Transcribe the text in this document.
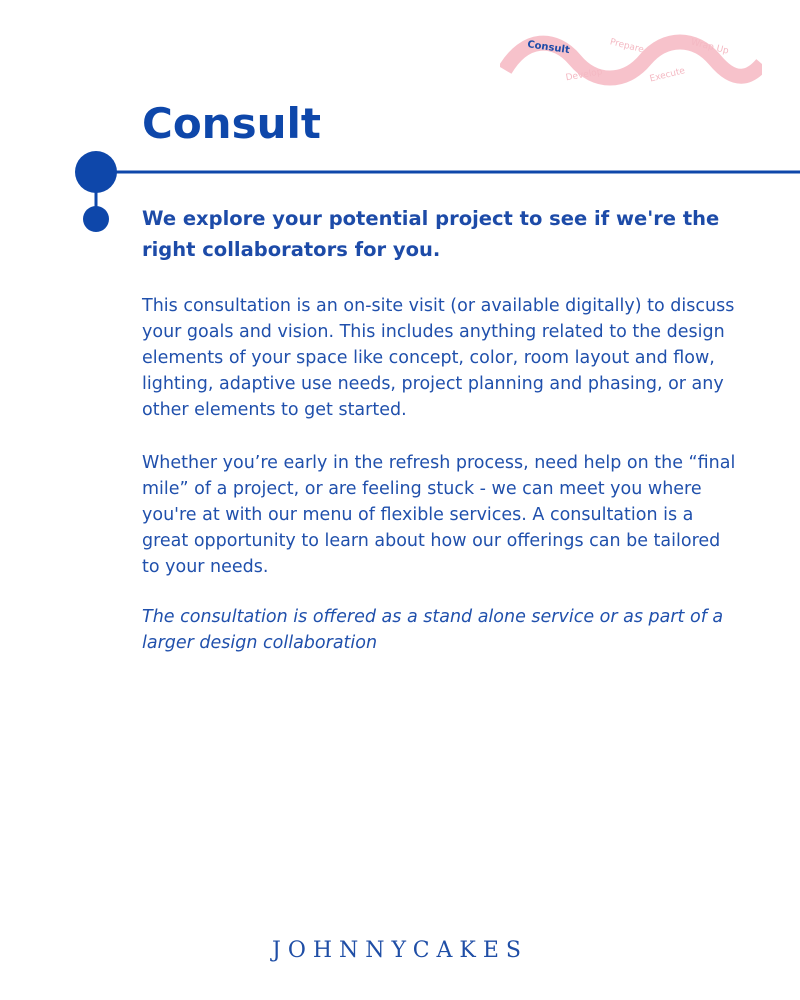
Consult	Prepare	Wrap Up
Develop	Execute
Consult

We explore your potential project to see if we're the right collaborators for you.

This consultation is an on-site visit (or available digitally) to discuss your goals and vision. This includes anything related to the design elements of your space like concept, color, room layout and flow, lighting, adaptive use needs, project planning and phasing, or any other elements to get started.

Whether you’re early in the refresh process, need help on the “final mile” of a project, or are feeling stuck - we can meet you where you're at with our menu of flexible services. A consultation is a great opportunity to learn about how our offerings can be tailored to your needs.

The consultation is offered as a stand alone service or as part of a larger design collaboration

JOHNNYCAKES
